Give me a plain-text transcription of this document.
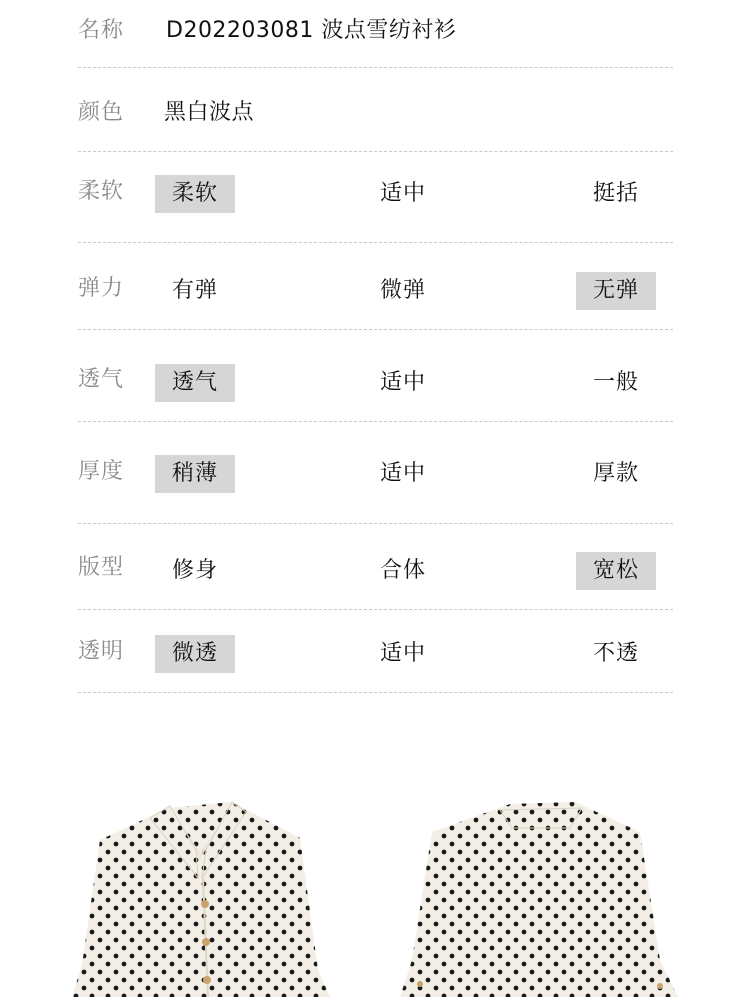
名称 D202203081 波点雪纺衬衫
颜色 黑白波点
柔软	柔软	适中	挺括
弹力	有弹	微弹	无弹
透气	透气	适中	一般
厚度	稍薄	适中	厚款
版型	修身	合体	宽松
透明	微透	适中	不透
